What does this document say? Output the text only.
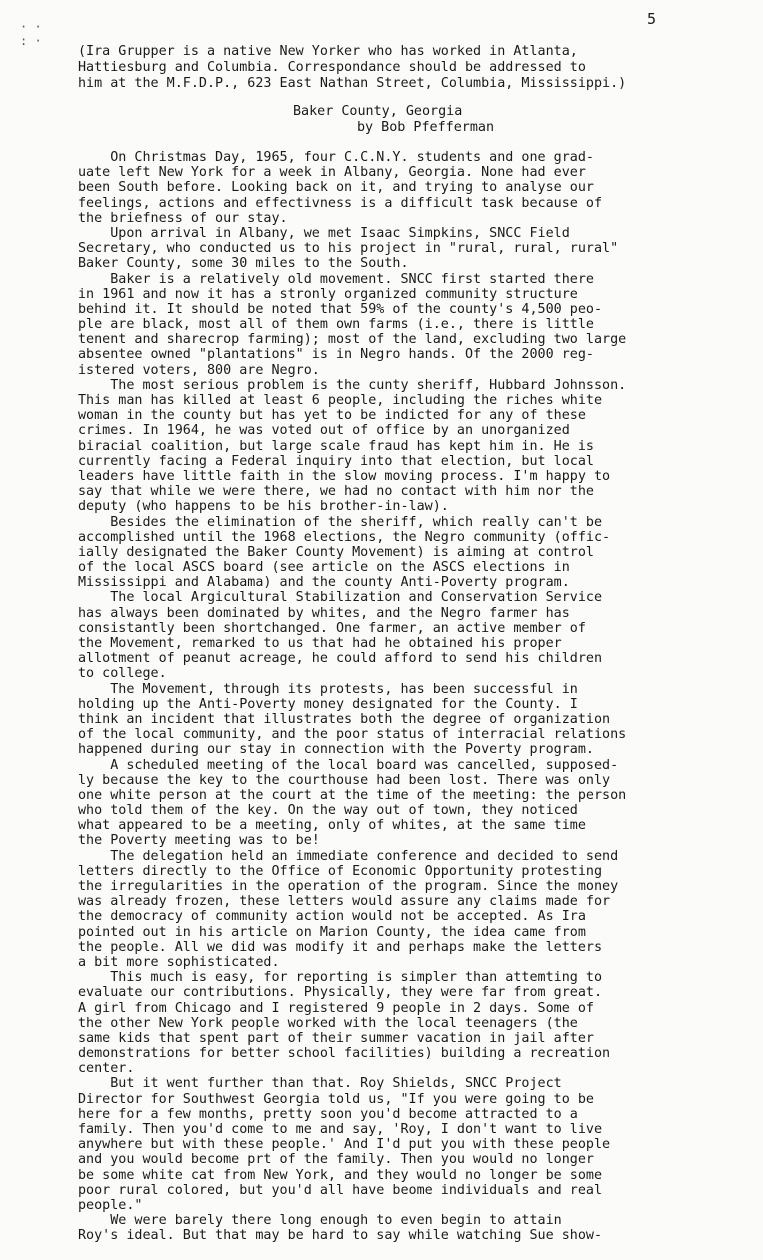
· ·
: ·
5
(Ira Grupper is a native New Yorker who has worked in Atlanta,
Hattiesburg and Columbia. Correspondance should be addressed to
him at the M.F.D.P., 623 East Nathan Street, Columbia, Mississippi.)
Baker County, Georgia
by Bob Pfefferman
On Christmas Day, 1965, four C.C.N.Y. students and one grad-
uate left New York for a week in Albany, Georgia. None had ever
been South before. Looking back on it, and trying to analyse our
feelings, actions and effectivness is a difficult task because of
the briefness of our stay.
Upon arrival in Albany, we met Isaac Simpkins, SNCC Field
Secretary, who conducted us to his project in "rural, rural, rural"
Baker County, some 30 miles to the South.
Baker is a relatively old movement. SNCC first started there
in 1961 and now it has a stronly organized community structure
behind it. It should be noted that 59% of the county's 4,500 peo-
ple are black, most all of them own farms (i.e., there is little
tenent and sharecrop farming); most of the land, excluding two large
absentee owned "plantations" is in Negro hands. Of the 2000 reg-
istered voters, 800 are Negro.
The most serious problem is the cunty sheriff, Hubbard Johnsson.
This man has killed at least 6 people, including the riches white
woman in the county but has yet to be indicted for any of these
crimes. In 1964, he was voted out of office by an unorganized
biracial coalition, but large scale fraud has kept him in. He is
currently facing a Federal inquiry into that election, but local
leaders have little faith in the slow moving process. I'm happy to
say that while we were there, we had no contact with him nor the
deputy (who happens to be his brother-in-law).
Besides the elimination of the sheriff, which really can't be
accomplished until the 1968 elections, the Negro community (offic-
ially designated the Baker County Movement) is aiming at control
of the local ASCS board (see article on the ASCS elections in
Mississippi and Alabama) and the county Anti-Poverty program.
The local Argicultural Stabilization and Conservation Service
has always been dominated by whites, and the Negro farmer has
consistantly been shortchanged. One farmer, an active member of
the Movement, remarked to us that had he obtained his proper
allotment of peanut acreage, he could afford to send his children
to college.
The Movement, through its protests, has been successful in
holding up the Anti-Poverty money designated for the County. I
think an incident that illustrates both the degree of organization
of the local community, and the poor status of interracial relations
happened during our stay in connection with the Poverty program.
A scheduled meeting of the local board was cancelled, supposed-
ly because the key to the courthouse had been lost. There was only
one white person at the court at the time of the meeting: the person
who told them of the key. On the way out of town, they noticed
what appeared to be a meeting, only of whites, at the same time
the Poverty meeting was to be!
The delegation held an immediate conference and decided to send
letters directly to the Office of Economic Opportunity protesting
the irregularities in the operation of the program. Since the money
was already frozen, these letters would assure any claims made for
the democracy of community action would not be accepted. As Ira
pointed out in his article on Marion County, the idea came from
the people. All we did was modify it and perhaps make the letters
a bit more sophisticated.
This much is easy, for reporting is simpler than attemting to
evaluate our contributions. Physically, they were far from great.
A girl from Chicago and I registered 9 people in 2 days. Some of
the other New York people worked with the local teenagers (the
same kids that spent part of their summer vacation in jail after
demonstrations for better school facilities) building a recreation
center.
But it went further than that. Roy Shields, SNCC Project
Director for Southwest Georgia told us, "If you were going to be
here for a few months, pretty soon you'd become attracted to a
family. Then you'd come to me and say, 'Roy, I don't want to live
anywhere but with these people.' And I'd put you with these people
and you would become prt of the family. Then you would no longer
be some white cat from New York, and they would no longer be some
poor rural colored, but you'd all have beome individuals and real
people."
We were barely there long enough to even begin to attain
Roy's ideal. But that may be hard to say while watching Sue show-
